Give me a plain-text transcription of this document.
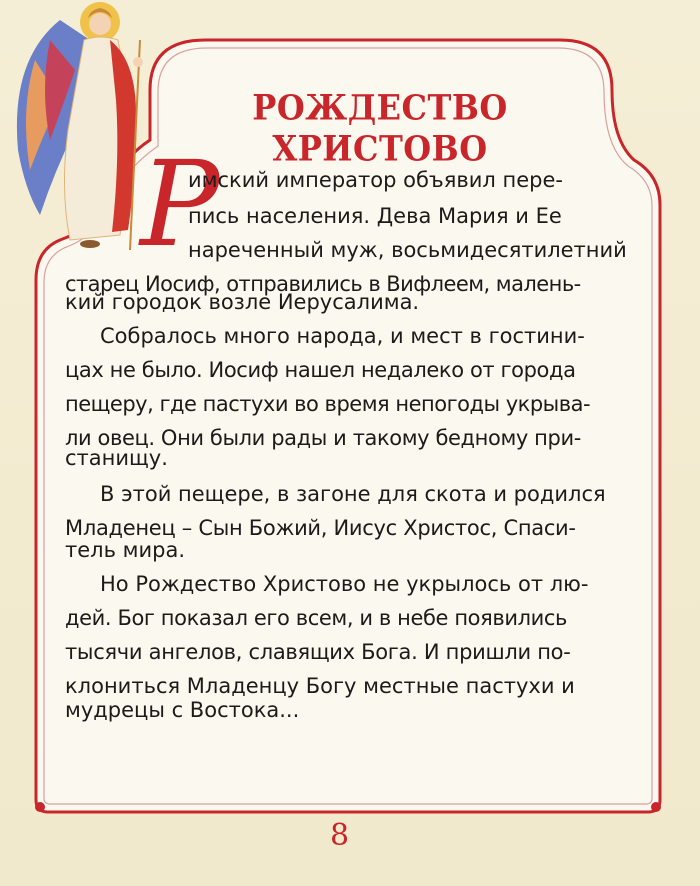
РОЖДЕСТВО ХРИСТОВО
Р
имский император объявил пере-
пись населения. Дева Мария и Ее
нареченный муж, восьмидесятилетний
старец Иосиф, отправились в Вифлеем, малень-
кий городок возле Иерусалима.
Собралось много народа, и мест в гостини-
цах не было. Иосиф нашел недалеко от города
пещеру, где пастухи во время непогоды укрыва-
ли овец. Они были рады и такому бедному при-
станищу.
В этой пещере, в загоне для скота и родился
Младенец – Сын Божий, Иисус Христос, Спаси-
тель мира.
Но Рождество Христово не укрылось от лю-
дей. Бог показал его всем, и в небе появились
тысячи ангелов, славящих Бога. И пришли по-
клониться Младенцу Богу местные пастухи и
мудрецы с Востока...
8
